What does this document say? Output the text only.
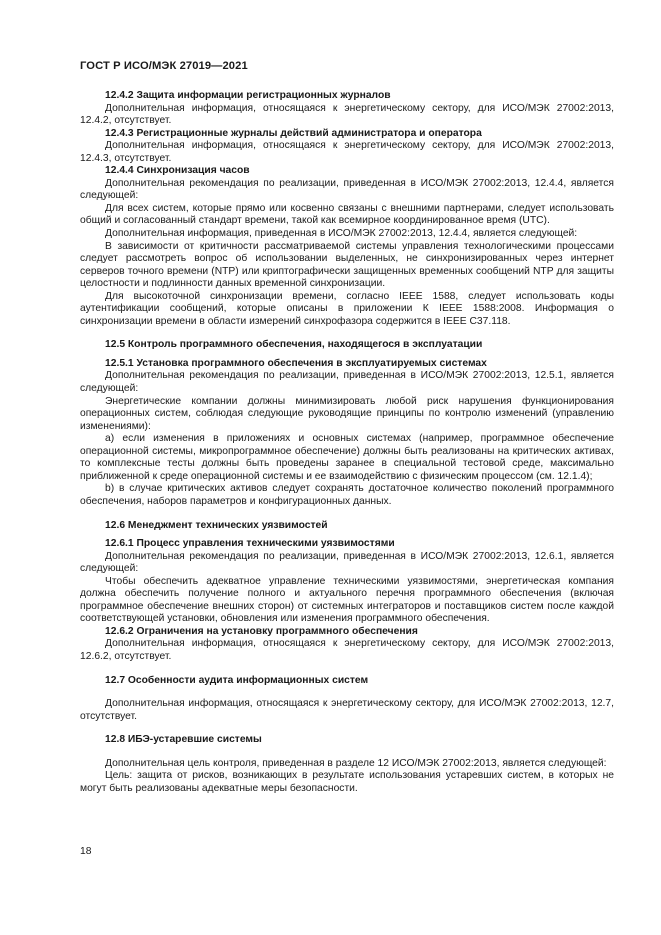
ГОСТ Р ИСО/МЭК 27019—2021

12.4.2 Защита информации регистрационных журналов

Дополнительная информация, относящаяся к энергетическому сектору, для ИСО/МЭК 27002:2013, 12.4.2, отсутствует.

12.4.3 Регистрационные журналы действий администратора и оператора

Дополнительная информация, относящаяся к энергетическому сектору, для ИСО/МЭК 27002:2013, 12.4.3, отсутствует.

12.4.4 Синхронизация часов

Дополнительная рекомендация по реализации, приведенная в ИСО/МЭК 27002:2013, 12.4.4, является следующей:

Для всех систем, которые прямо или косвенно связаны с внешними партнерами, следует использовать общий и согласованный стандарт времени, такой как всемирное координированное время (UTC).

Дополнительная информация, приведенная в ИСО/МЭК 27002:2013, 12.4.4, является следующей:

В зависимости от критичности рассматриваемой системы управления технологическими процессами следует рассмотреть вопрос об использовании выделенных, не синхронизированных через интернет серверов точного времени (NTP) или криптографически защищенных временных сообщений NTP для защиты целостности и подлинности данных временной синхронизации.

Для высокоточной синхронизации времени, согласно IEEE 1588, следует использовать коды аутентификации сообщений, которые описаны в приложении К IEEE 1588:2008. Информация о синхронизации времени в области измерений синхрофазора содержится в IEEE C37.118.

12.5 Контроль программного обеспечения, находящегося в эксплуатации

12.5.1 Установка программного обеспечения в эксплуатируемых системах

Дополнительная рекомендация по реализации, приведенная в ИСО/МЭК 27002:2013, 12.5.1, является следующей:

Энергетические компании должны минимизировать любой риск нарушения функционирования операционных систем, соблюдая следующие руководящие принципы по контролю изменений (управлению изменениями):

а) если изменения в приложениях и основных системах (например, программное обеспечение операционной системы, микропрограммное обеспечение) должны быть реализованы на критических активах, то комплексные тесты должны быть проведены заранее в специальной тестовой среде, максимально приближенной к среде операционной системы и ее взаимодействию с физическим процессом (см. 12.1.4);

b) в случае критических активов следует сохранять достаточное количество поколений программного обеспечения, наборов параметров и конфигурационных данных.

12.6 Менеджмент технических уязвимостей

12.6.1 Процесс управления техническими уязвимостями

Дополнительная рекомендация по реализации, приведенная в ИСО/МЭК 27002:2013, 12.6.1, является следующей:

Чтобы обеспечить адекватное управление техническими уязвимостями, энергетическая компания должна обеспечить получение полного и актуального перечня программного обеспечения (включая программное обеспечение внешних сторон) от системных интеграторов и поставщиков систем после каждой соответствующей установки, обновления или изменения программного обеспечения.

12.6.2 Ограничения на установку программного обеспечения

Дополнительная информация, относящаяся к энергетическому сектору, для ИСО/МЭК 27002:2013, 12.6.2, отсутствует.

12.7 Особенности аудита информационных систем

Дополнительная информация, относящаяся к энергетическому сектору, для ИСО/МЭК 27002:2013, 12.7, отсутствует.

12.8 ИБЭ-устаревшие системы

Дополнительная цель контроля, приведенная в разделе 12 ИСО/МЭК 27002:2013, является следующей:

Цель: защита от рисков, возникающих в результате использования устаревших систем, в которых не могут быть реализованы адекватные меры безопасности.

18
